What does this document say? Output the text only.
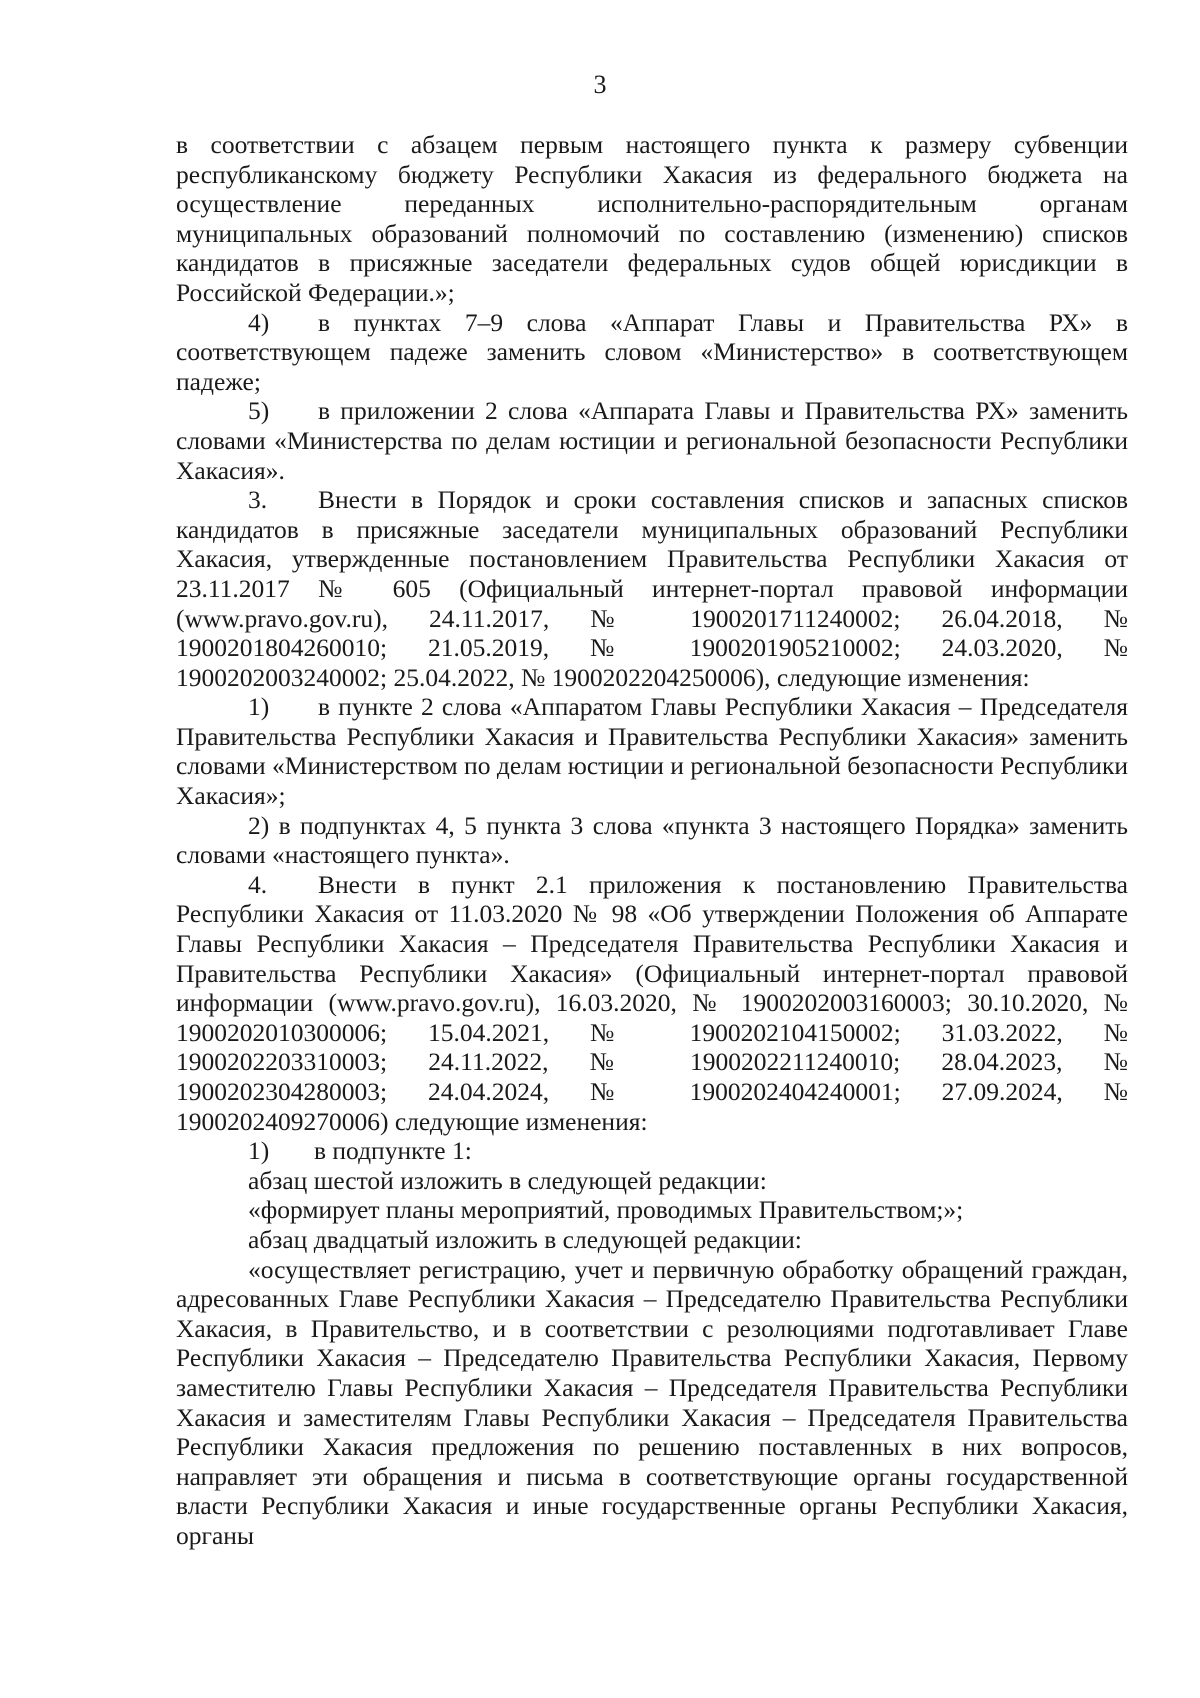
3

в соответствии с абзацем первым настоящего пункта к размеру субвенции республиканскому бюджету Республики Хакасия из федерального бюджета на осуществление переданных исполнительно-распорядительным органам муниципальных образований полномочий по составлению (изменению) списков кандидатов в присяжные заседатели федеральных судов общей юрисдикции в Российской Федерации.»;

4) в пунктах 7–9 слова «Аппарат Главы и Правительства РХ» в соответствующем падеже заменить словом «Министерство» в соответствующем падеже;

5) в приложении 2 слова «Аппарата Главы и Правительства РХ» заменить словами «Министерства по делам юстиции и региональной безопасности Республики Хакасия».

3. Внести в Порядок и сроки составления списков и запасных списков кандидатов в присяжные заседатели муниципальных образований Республики Хакасия, утвержденные постановлением Правительства Республики Хакасия от 23.11.2017 № 605 (Официальный интернет-портал правовой информации (www.pravo.gov.ru), 24.11.2017, № 1900201711240002; 26.04.2018, № 1900201804260010; 21.05.2019, № 1900201905210002; 24.03.2020, № 1900202003240002; 25.04.2022, № 1900202204250006), следующие изменения:

1) в пункте 2 слова «Аппаратом Главы Республики Хакасия – Председателя Правительства Республики Хакасия и Правительства Республики Хакасия» заменить словами «Министерством по делам юстиции и региональной безопасности Республики Хакасия»;

2) в подпунктах 4, 5 пункта 3 слова «пункта 3 настоящего Порядка» заменить словами «настоящего пункта».

4. Внести в пункт 2.1 приложения к постановлению Правительства Республики Хакасия от 11.03.2020 № 98 «Об утверждении Положения об Аппарате Главы Республики Хакасия – Председателя Правительства Республики Хакасия и Правительства Республики Хакасия» (Официальный интернет-портал правовой информации (www.pravo.gov.ru), 16.03.2020, № 1900202003160003; 30.10.2020, № 1900202010300006; 15.04.2021, № 1900202104150002; 31.03.2022, № 1900202203310003; 24.11.2022, № 1900202211240010; 28.04.2023, № 1900202304280003; 24.04.2024, № 1900202404240001; 27.09.2024, № 1900202409270006) следующие изменения:

1) в подпункте 1:

абзац шестой изложить в следующей редакции:

«формирует планы мероприятий, проводимых Правительством;»;

абзац двадцатый изложить в следующей редакции:

«осуществляет регистрацию, учет и первичную обработку обращений граждан, адресованных Главе Республики Хакасия – Председателю Правительства Республики Хакасия, в Правительство, и в соответствии с резолюциями подготавливает Главе Республики Хакасия – Председателю Правительства Республики Хакасия, Первому заместителю Главы Республики Хакасия – Председателя Правительства Республики Хакасия и заместителям Главы Республики Хакасия – Председателя Правительства Республики Хакасия предложения по решению поставленных в них вопросов, направляет эти обращения и письма в соответствующие органы государственной власти Республики Хакасия и иные государственные органы Республики Хакасия, органы
